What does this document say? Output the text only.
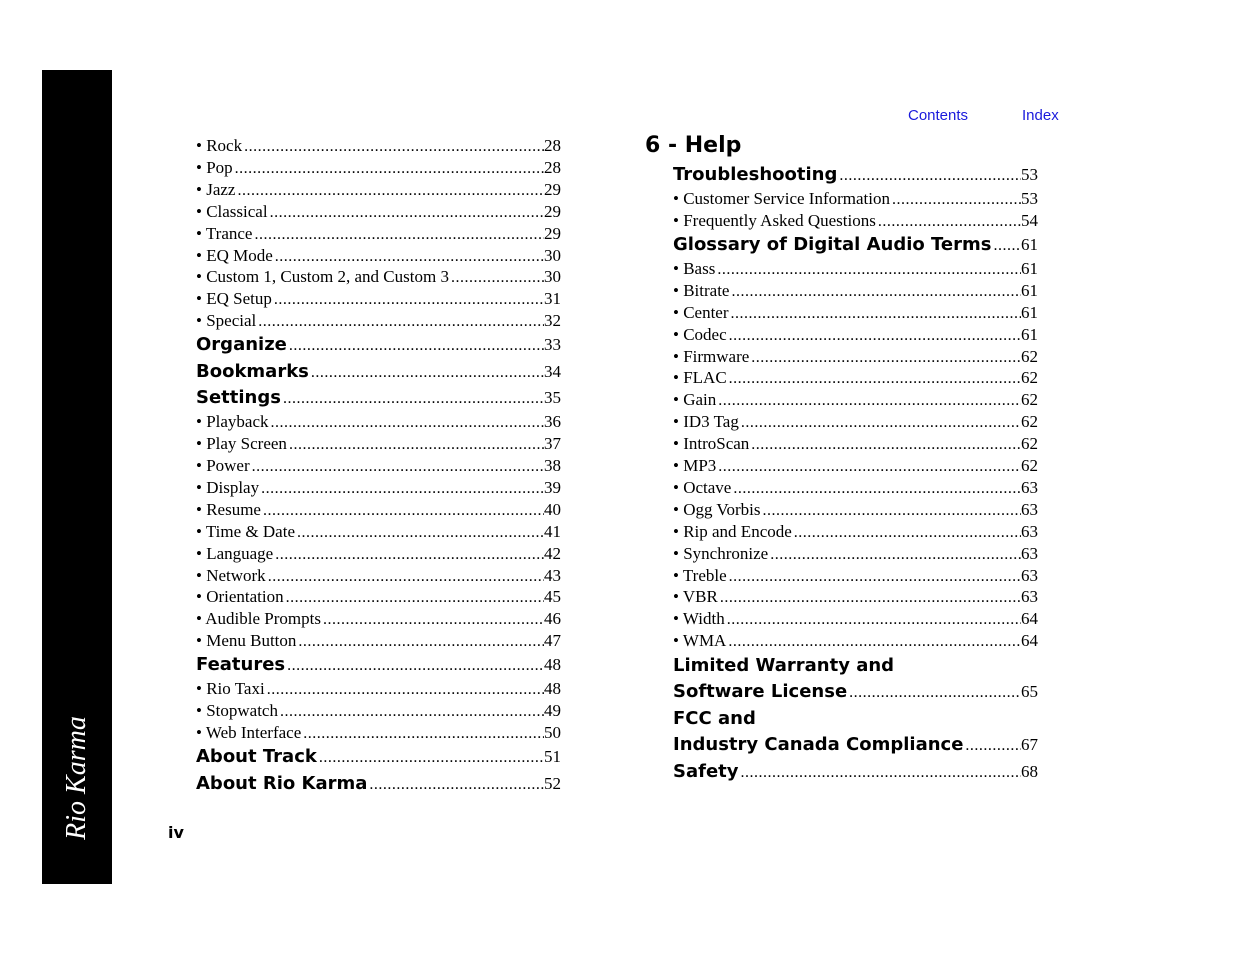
Rio Karma
Contents	Index
• Rock .....	28
• Pop .....	28
• Jazz .....	29
• Classical .....	29
• Trance .....	29
• EQ Mode .....	30
• Custom 1, Custom 2, and Custom 3 .....	30
• EQ Setup .....	31
• Special .....	32
Organize .....	33
Bookmarks .....	34
Settings .....	35
• Playback .....	36
• Play Screen .....	37
• Power .....	38
• Display .....	39
• Resume .....	40
• Time & Date .....	41
• Language .....	42
• Network .....	43
• Orientation .....	45
• Audible Prompts .....	46
• Menu Button .....	47
Features .....	48
• Rio Taxi .....	48
• Stopwatch .....	49
• Web Interface .....	50
About Track .....	51
About Rio Karma .....	52
6 - Help
Troubleshooting .....	53
• Customer Service Information .....	53
• Frequently Asked Questions .....	54
Glossary of Digital Audio Terms ..... 61
• Bass .....	61
• Bitrate .....	61
• Center .....	61
• Codec .....	61
• Firmware .....	62
• FLAC .....	62
• Gain .....	62
• ID3 Tag .....	62
• IntroScan .....	62
• MP3 .....	62
• Octave .....	63
• Ogg Vorbis .....	63
• Rip and Encode .....	63
• Synchronize .....	63
• Treble .....	63
• VBR .....	63
• Width .....	64
• WMA .....	64
Limited Warranty and
Software License .....	65
FCC and
Industry Canada Compliance .....	67
Safety .....	68
iv
